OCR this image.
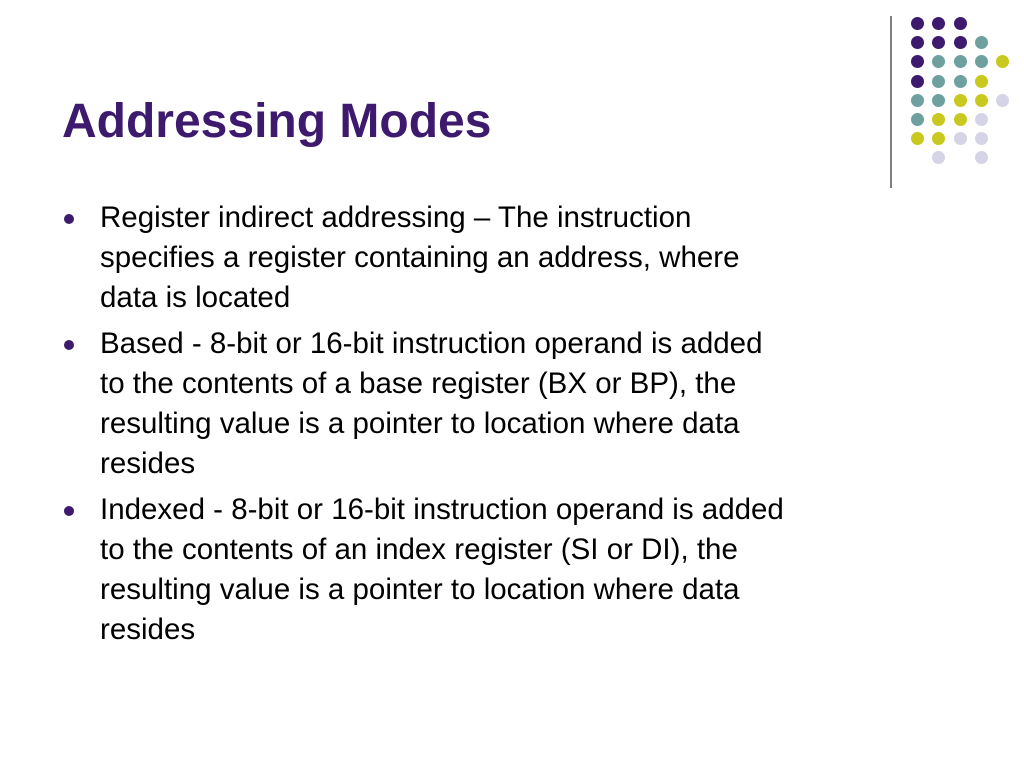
Addressing Modes
Register indirect addressing – The instruction
specifies a register containing an address, where
data is located
Based - 8-bit or 16-bit instruction operand is added
to the contents of a base register (BX or BP), the
resulting value is a pointer to location where data
resides
Indexed - 8-bit or 16-bit instruction operand is added
to the contents of an index register (SI or DI), the
resulting value is a pointer to location where data
resides
